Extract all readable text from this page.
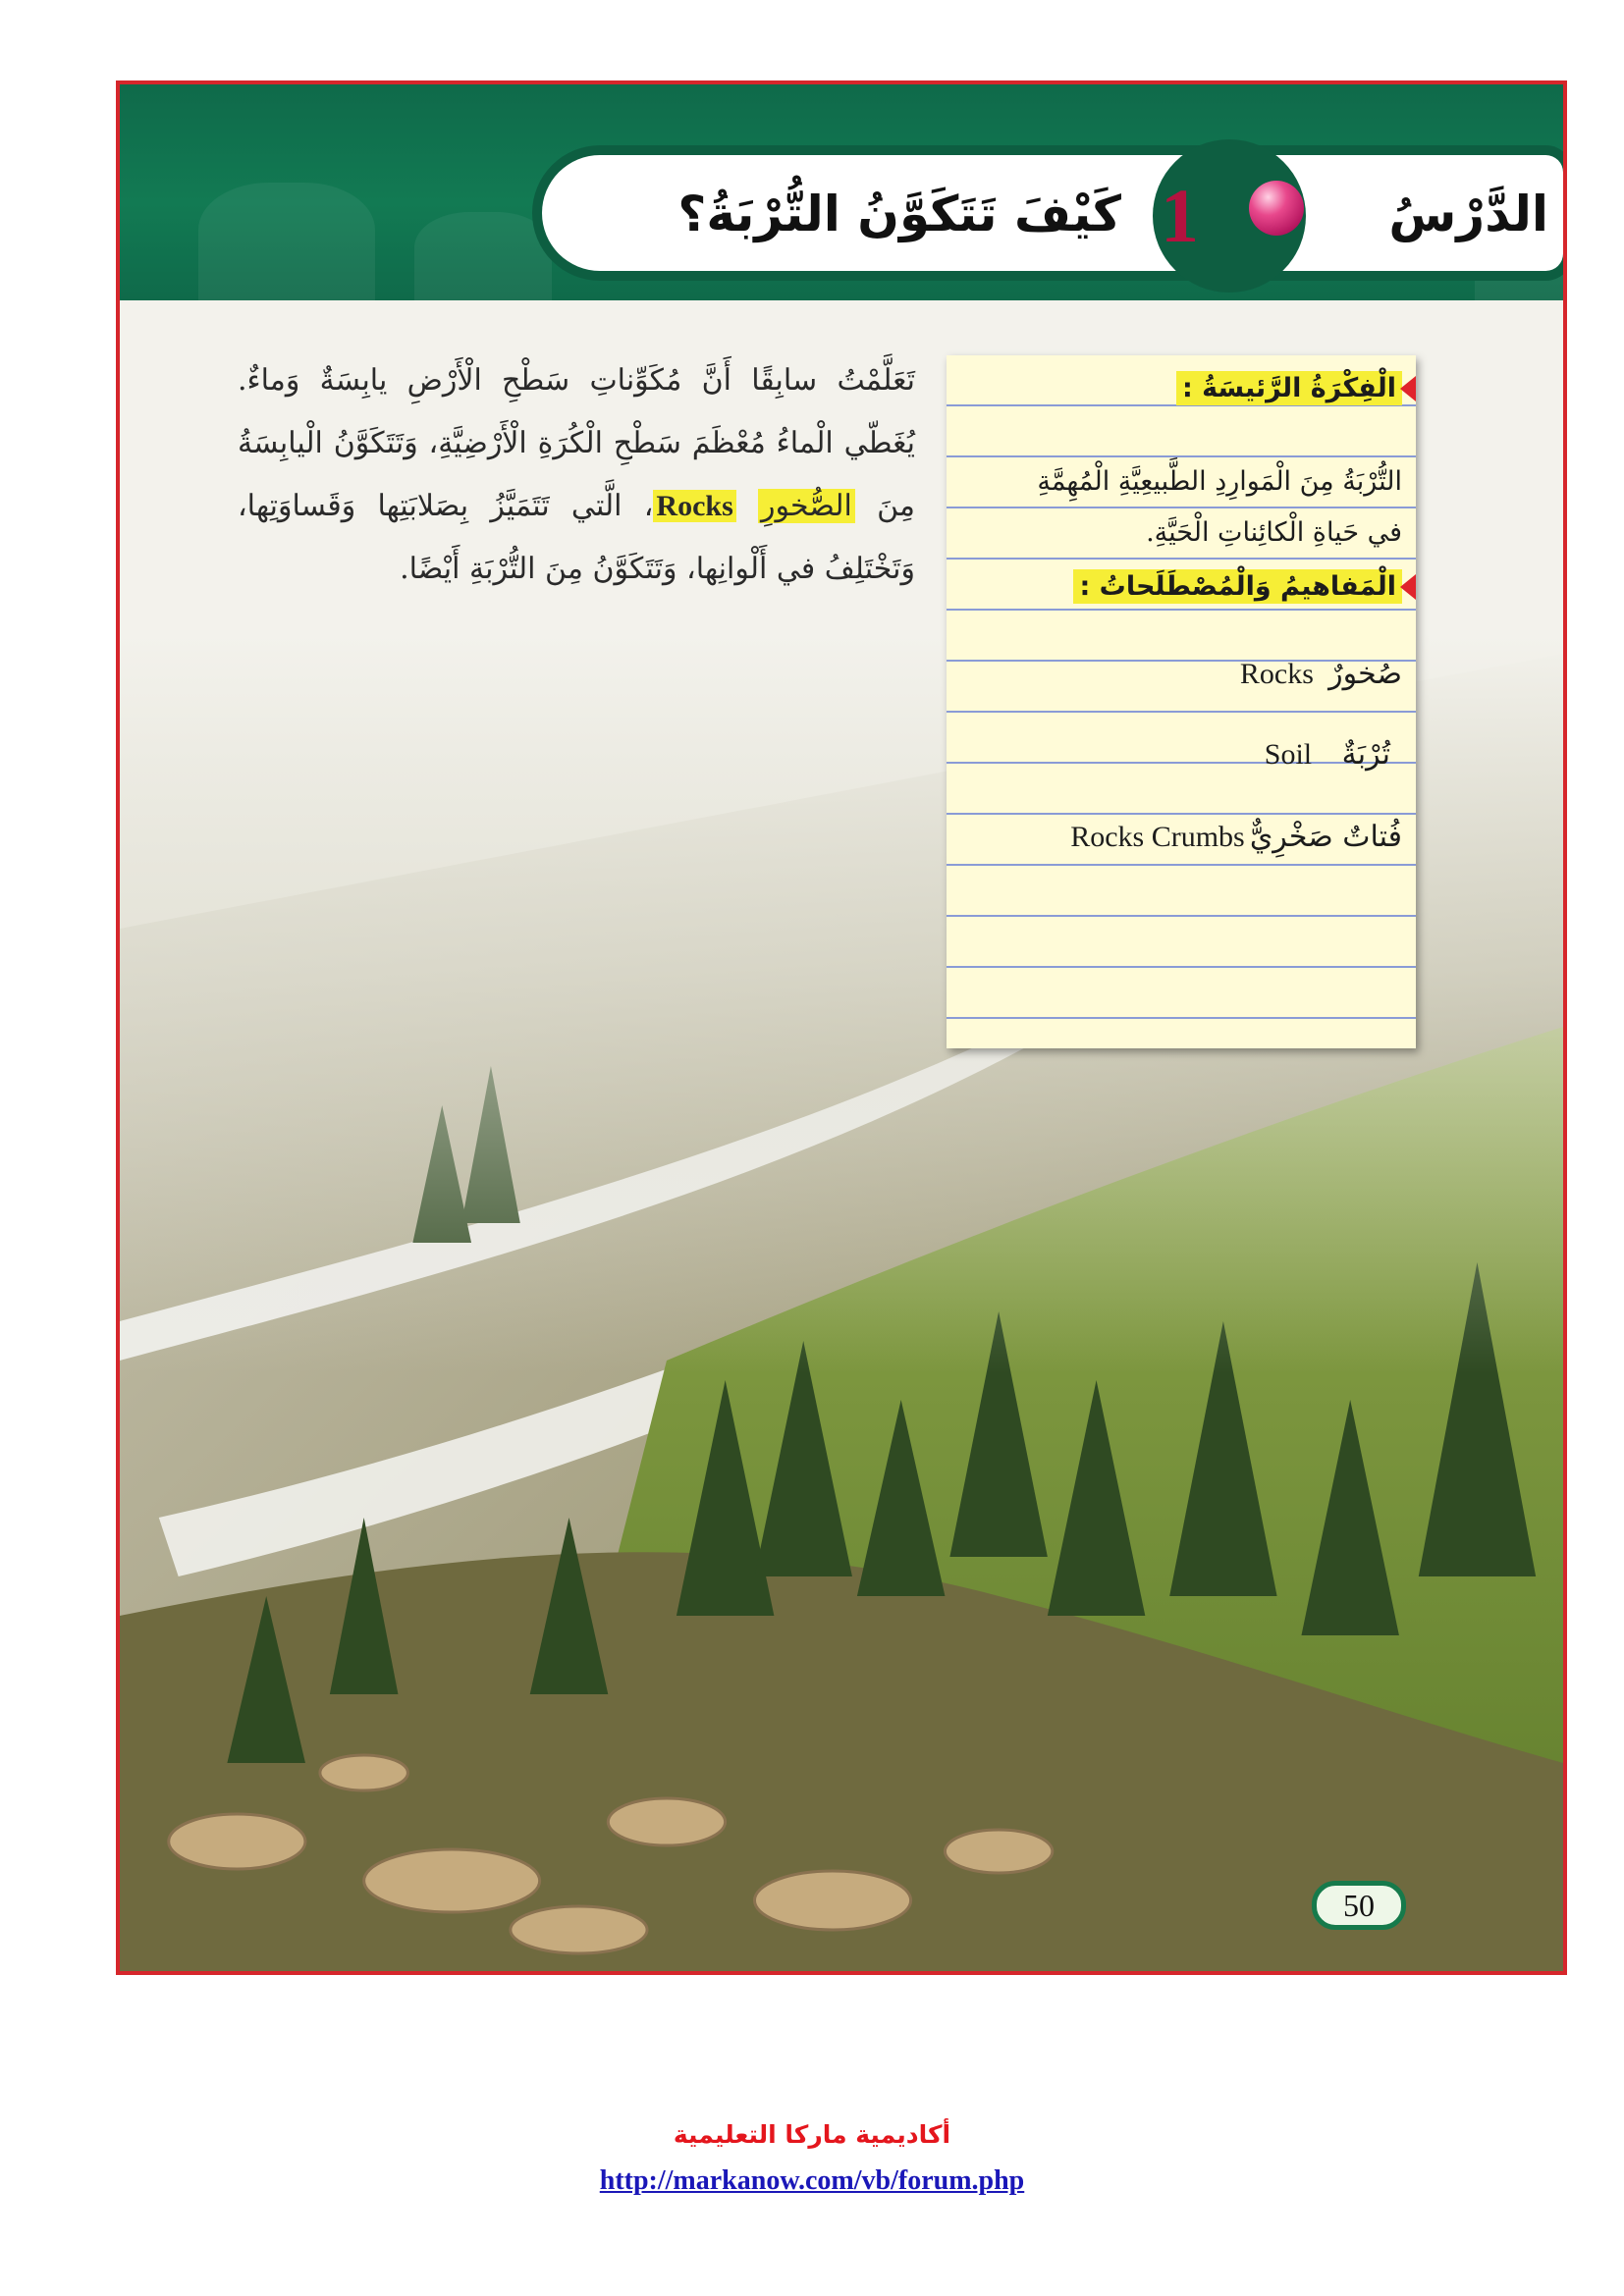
1	الدَّرْسُ
كَيْفَ تَتَكَوَّنُ التُّرْبَةُ؟
تَعَلَّمْتُ سابِقًا أَنَّ مُكَوِّناتِ سَطْحِ الْأَرْضِ يابِسَةٌ وَماءٌ. يُغَطّي الْماءُ مُعْظَمَ سَطْحِ الْكُرَةِ الْأَرْضِيَّةِ، وَتَتَكَوَّنُ الْيابِسَةُ مِنَ الصُّخورِ Rocks، الَّتي تَتَمَيَّزُ بِصَلابَتِها وَقَساوَتِها، وَتَخْتَلِفُ في أَلْوانِها، وَتَتَكَوَّنُ مِنَ التُّرْبَةِ أَيْضًا.
الْفِكْرَةُ الرَّئيسَةُ :
التُّرْبَةُ مِنَ الْمَوارِدِ الطَّبيعِيَّةِ الْمُهِمَّةِ
في حَياةِ الْكائِناتِ الْحَيَّةِ.
الْمَفاهيمُ وَالْمُصْطَلَحاتُ :
صُخورٌ   Rocks
تُرْبَةٌ      Soil
فُتاتٌ صَخْرِيٌّ Rocks Crumbs
50
أكاديمية ماركا التعليمية
http://markanow.com/vb/forum.php
